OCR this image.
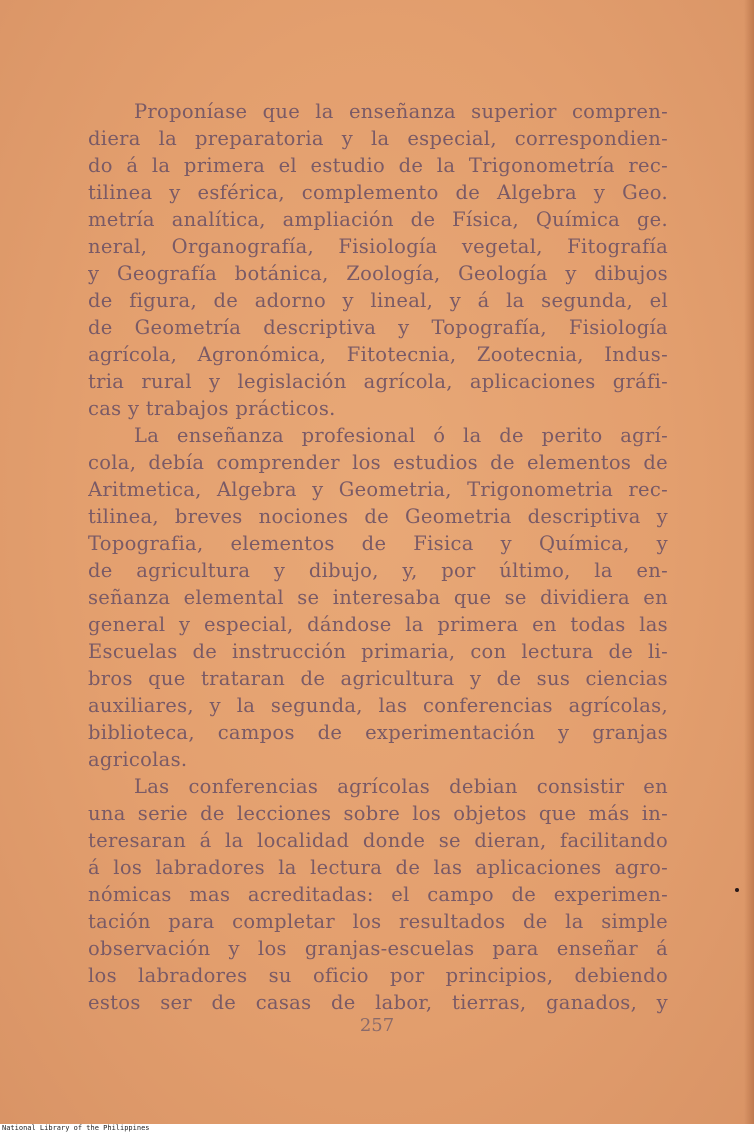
Proponíase que la enseñanza superior compren-
diera la preparatoria y la especial, correspondien-
do á la primera el estudio de la Trigonometría rec-
tilinea y esférica, complemento de Algebra y Geo.
metría analítica, ampliación de Física, Química ge.
neral, Organografía, Fisiología vegetal, Fitografía
y Geografía botánica, Zoología, Geología y dibujos
de figura, de adorno y lineal, y á la segunda, el
de Geometría descriptiva y Topografía, Fisiología
agrícola, Agronómica, Fitotecnia, Zootecnia, Indus-
tria rural y legislación agrícola, aplicaciones gráfi-
cas y trabajos prácticos.
La enseñanza profesional ó la de perito agrí-
cola, debía comprender los estudios de elementos de
Aritmetica, Algebra y Geometria, Trigonometria rec-
tilinea, breves nociones de Geometria descriptiva y
Topografia, elementos de Fisica y Química, y
de agricultura y dibujo, y, por último, la en-
señanza elemental se interesaba que se dividiera en
general y especial, dándose la primera en todas las
Escuelas de instrucción primaria, con lectura de li-
bros que trataran de agricultura y de sus ciencias
auxiliares, y la segunda, las conferencias agrícolas,
biblioteca, campos de experimentación y granjas
agricolas.
Las conferencias agrícolas debian consistir en
una serie de lecciones sobre los objetos que más in-
teresaran á la localidad donde se dieran, facilitando
á los labradores la lectura de las aplicaciones agro-
nómicas mas acreditadas: el campo de experimen-
tación para completar los resultados de la simple
observación y los granjas-escuelas para enseñar á
los labradores su oficio por principios, debiendo
estos ser de casas de labor, tierras, ganados, y
257
National Library of the Philippines
